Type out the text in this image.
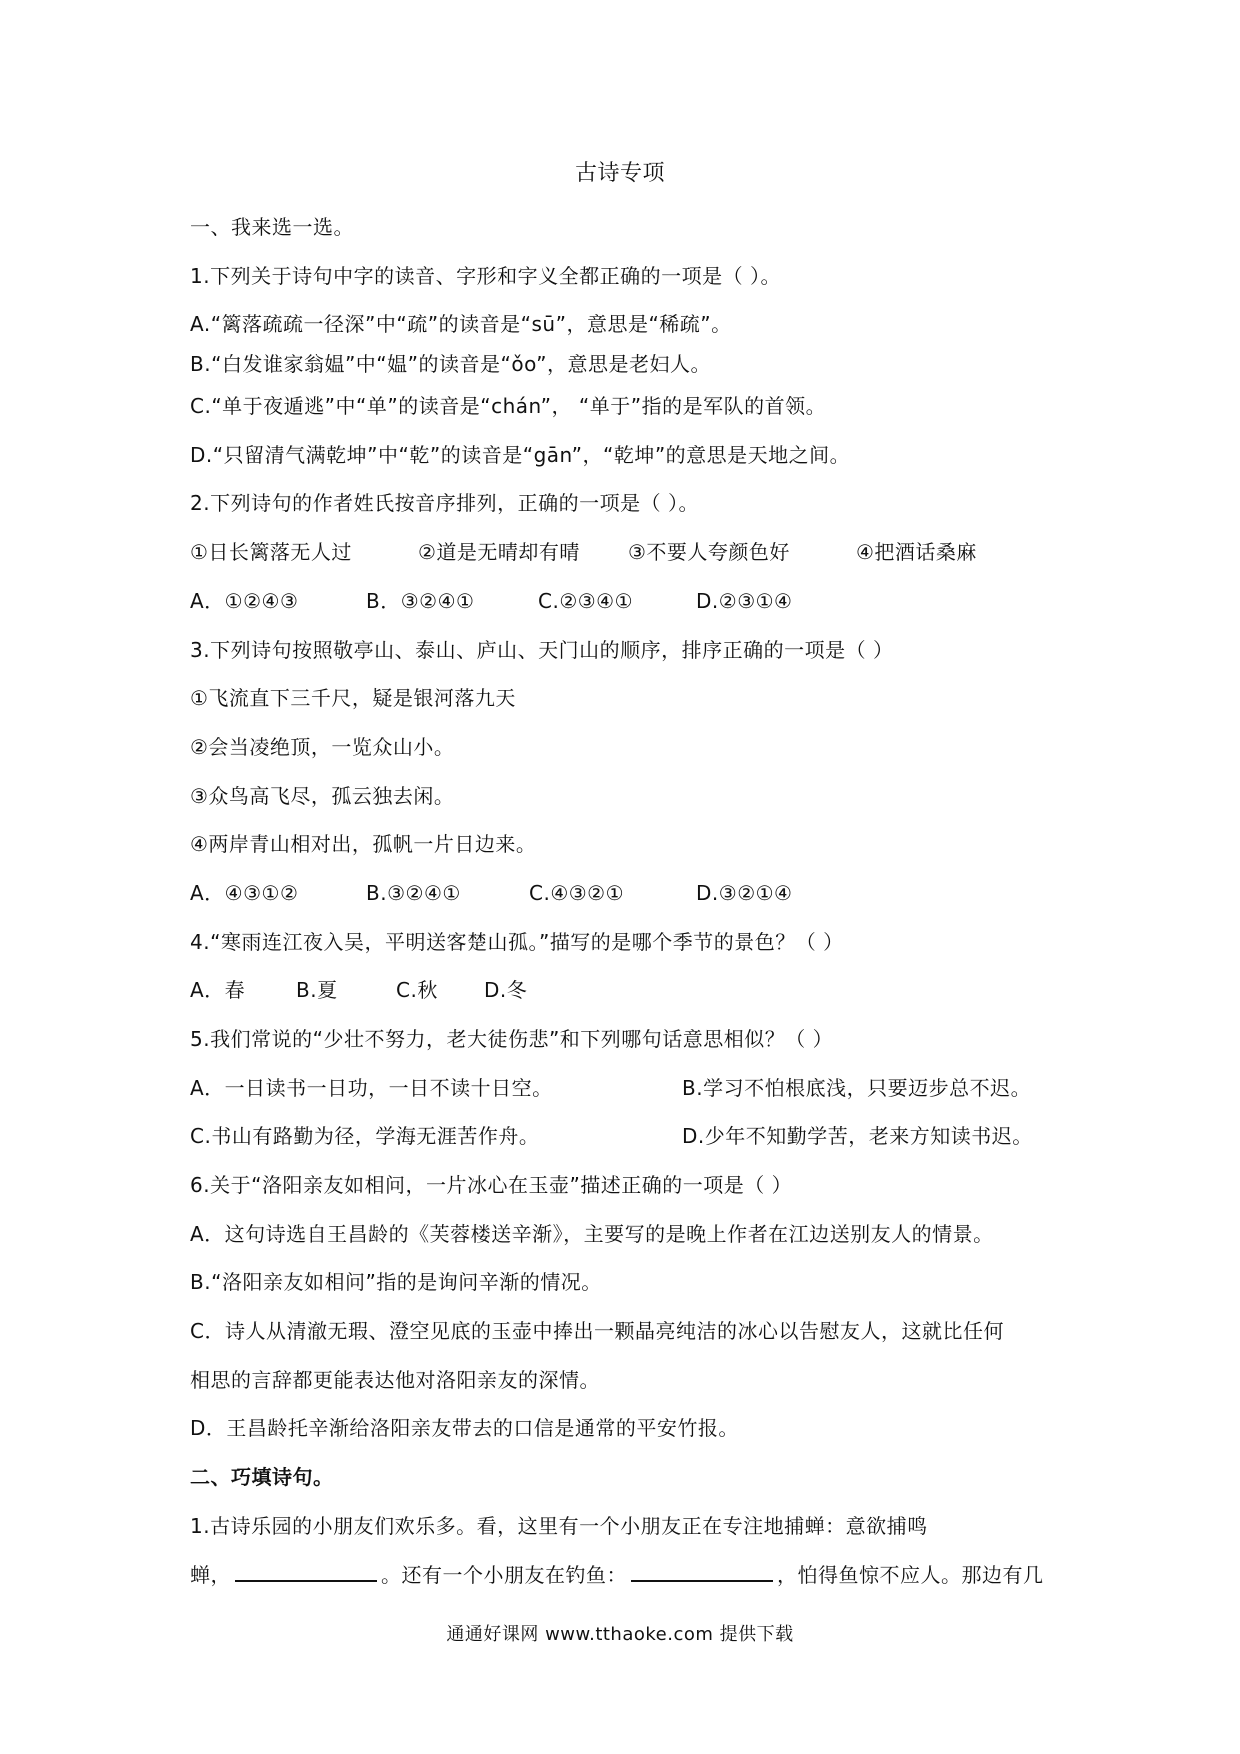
古诗专项
一、我来选一选。
1.下列关于诗句中字的读音、字形和字义全都正确的一项是（ ）。
A.“篱落疏疏一径深”中“疏”的读音是“sū”，意思是“稀疏”。
B.“白发谁家翁媪”中“媪”的读音是“ǒo”，意思是老妇人。
C.“单于夜遁逃”中“单”的读音是“chán”， “单于”指的是军队的首领。
D.“只留清气满乾坤”中“乾”的读音是“gān”，“乾坤”的意思是天地之间。
2.下列诗句的作者姓氏按音序排列，正确的一项是（ ）。
①日长篱落无人过	②道是无晴却有晴 ③不要人夸颜色好	④把酒话桑麻
A．①②④③	B．③②④①	C.②③④①	D.②③①④
3.下列诗句按照敬亭山、泰山、庐山、天门山的顺序，排序正确的一项是（ ）
①飞流直下三千尺，疑是银河落九天
②会当凌绝顶，一览众山小。
③众鸟高飞尽，孤云独去闲。
④两岸青山相对出，孤帆一片日边来。
A．④③①②	B.③②④①	C.④③②①	D.③②①④
4.“寒雨连江夜入吴，平明送客楚山孤。”描写的是哪个季节的景色？（ ）
A．春	B.夏	C.秋 D.冬
5.我们常说的“少壮不努力，老大徒伤悲”和下列哪句话意思相似？（ ）
A．一日读书一日功，一日不读十日空。	B.学习不怕根底浅，只要迈步总不迟。
C.书山有路勤为径，学海无涯苦作舟。	D.少年不知勤学苦，老来方知读书迟。
6.关于“洛阳亲友如相问，一片冰心在玉壶”描述正确的一项是（ ）
A．这句诗选自王昌龄的《芙蓉楼送辛渐》，主要写的是晚上作者在江边送别友人的情景。
B.“洛阳亲友如相问”指的是询问辛渐的情况。
C．诗人从清澈无瑕、澄空见底的玉壶中捧出一颗晶亮纯洁的冰心以告慰友人，这就比任何
相思的言辞都更能表达他对洛阳亲友的深情。
D．王昌龄托辛渐给洛阳亲友带去的口信是通常的平安竹报。
二、巧填诗句。
1.古诗乐园的小朋友们欢乐多。看，这里有一个小朋友正在专注地捕蝉：意欲捕鸣
蝉，	。还有一个小朋友在钓鱼：	，怕得鱼惊不应人。那边有几
通通好课网 www.tthaoke.com 提供下载
